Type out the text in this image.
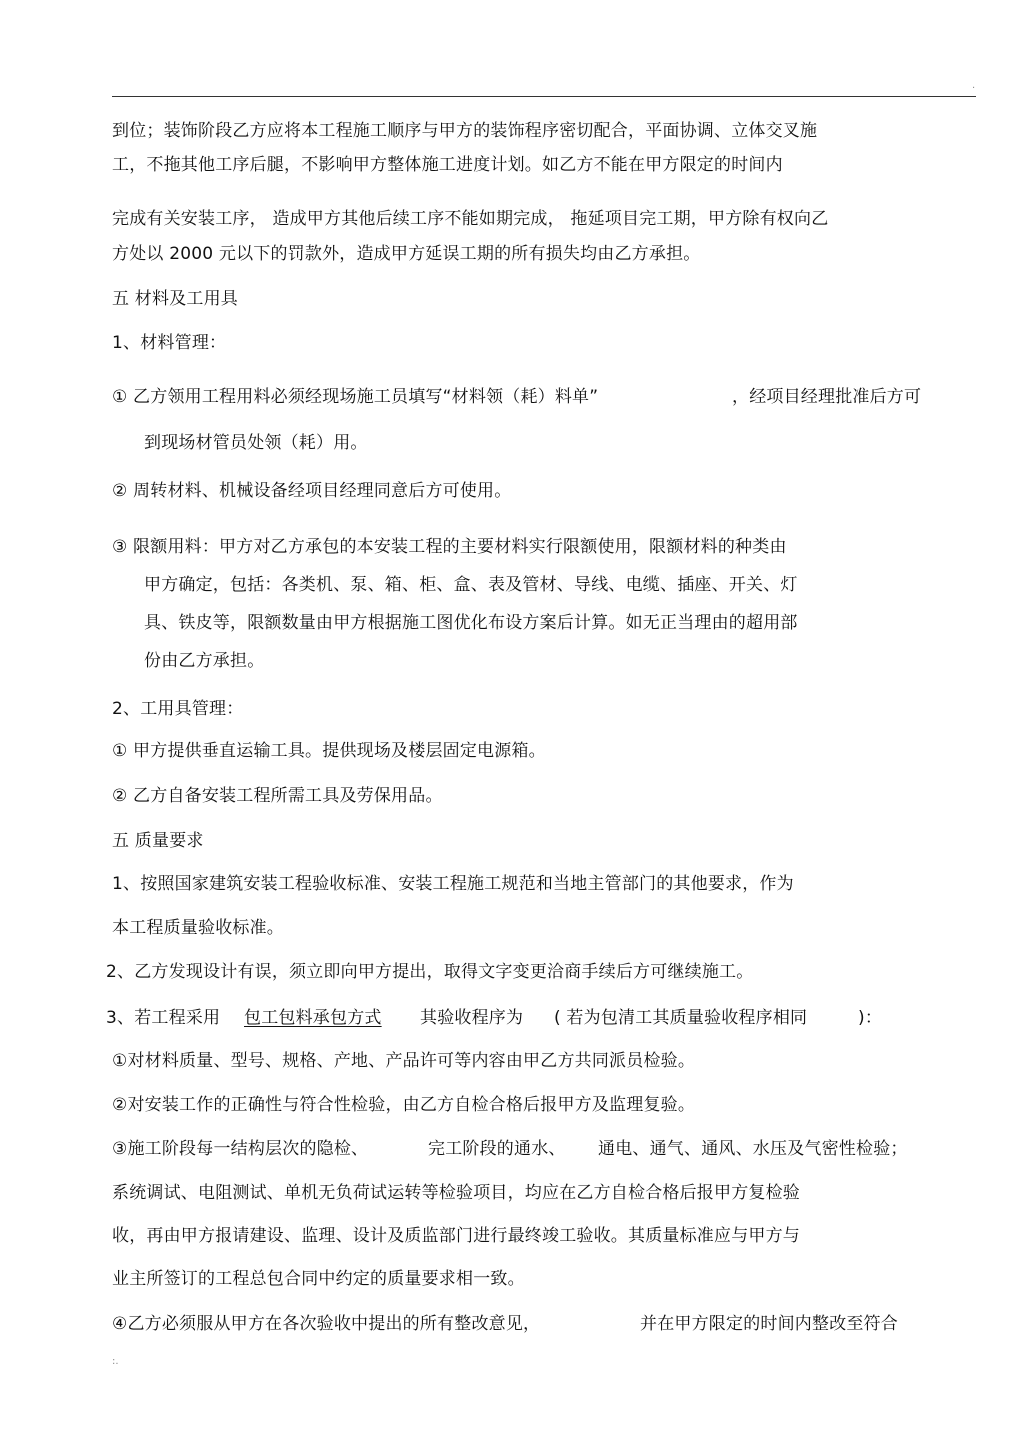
.
到位；装饰阶段乙方应将本工程施工顺序与甲方的装饰程序密切配合，平面协调、立体交叉施
工，不拖其他工序后腿，不影响甲方整体施工进度计划。如乙方不能在甲方限定的时间内
完成有关安装工序， 造成甲方其他后续工序不能如期完成， 拖延项目完工期，甲方除有权向乙
方处以 2000 元以下的罚款外，造成甲方延误工期的所有损失均由乙方承担。
五 材料及工用具
1、材料管理：
① 乙方领用工程用料必须经现场施工员填写“材料领（耗）料单”	，经项目经理批准后方可
到现场材管员处领（耗）用。
② 周转材料、机械设备经项目经理同意后方可使用。
③ 限额用料：甲方对乙方承包的本安装工程的主要材料实行限额使用，限额材料的种类由
甲方确定，包括：各类机、泵、箱、柜、盒、表及管材、导线、电缆、插座、开关、灯
具、铁皮等，限额数量由甲方根据施工图优化布设方案后计算。如无正当理由的超用部
份由乙方承担。
2、工用具管理：
① 甲方提供垂直运输工具。提供现场及楼层固定电源箱。
② 乙方自备安装工程所需工具及劳保用品。
五 质量要求
1、按照国家建筑安装工程验收标准、安装工程施工规范和当地主管部门的其他要求，作为
本工程质量验收标准。
2、乙方发现设计有误，须立即向甲方提出，取得文字变更洽商手续后方可继续施工。
3、若工程采用 包工包料承包方式 其验收程序为 ( 若为包清工其质量验收程序相同	)：
①对材料质量、型号、规格、产地、产品许可等内容由甲乙方共同派员检验。
②对安装工作的正确性与符合性检验，由乙方自检合格后报甲方及监理复验。
③施工阶段每一结构层次的隐检、	完工阶段的通水、 通电、通气、通风、水压及气密性检验；
系统调试、电阻测试、单机无负荷试运转等检验项目，均应在乙方自检合格后报甲方复检验
收，再由甲方报请建设、监理、设计及质监部门进行最终竣工验收。其质量标准应与甲方与
业主所签订的工程总包合同中约定的质量要求相一致。
④乙方必须服从甲方在各次验收中提出的所有整改意见，	并在甲方限定的时间内整改至符合
:.
